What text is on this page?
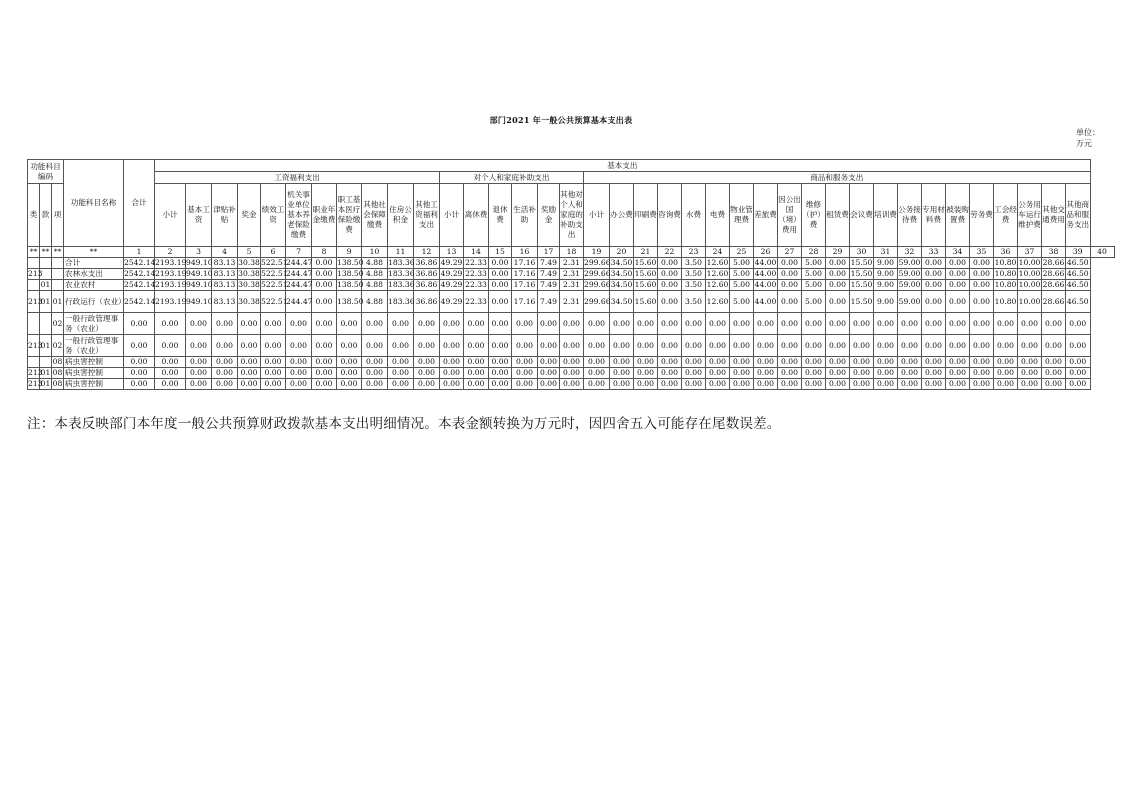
部门2021 年一般公共预算基本支出表
单位：万元
功能科目编码			功能科目名称	合计	基本支出																																						
					工资福利支出											对个人和家庭补助支出						商品和服务支出																					
类	款	项			小计	基本工资	津贴补贴	奖金	绩效工资	机关事业单位基本养老保险缴费	职业年金缴费	职工基本医疗保险缴费	其他社会保障缴费	住房公积金	其他工资福利支出	小计	离休费	退休费	生活补助	奖励金	其他对个人和家庭的补助支出	小计	办公费	印刷费	咨询费	水费	电费	物业管理费	差旅费	因公出国（境）费用	维修（护）费	租赁费	会议费	培训费	公务接待费	专用材料费	被装购置费	劳务费	工会经费	公务用车运行维护费	其他交通费用	其他商品和服务支出	
**	**	**	**	1	2	3	4	5	6	7	8	9	10	11	12	13	14	15	16	17	18	19	20	21	22	23	24	25	26	27	28	29	30	31	32	33	34	35	36	37	38	39	40
			合计	2542.14	2193.19	949.10	83.13	30.38	522.51	244.47	0.00	138.50	4.88	183.36	36.86	49.29	22.33	0.00	17.16	7.49	2.31	299.66	34.50	15.60	0.00	3.50	12.60	5.00	44.00	0.00	5.00	0.00	15.50	9.00	59.00	0.00	0.00	0.00	10.80	10.00	28.66	46.50	
213			农林水支出	2542.14	2193.19	949.10	83.13	30.38	522.51	244.47	0.00	138.50	4.88	183.36	36.86	49.29	22.33	0.00	17.16	7.49	2.31	299.66	34.50	15.60	0.00	3.50	12.60	5.00	44.00	0.00	5.00	0.00	15.50	9.00	59.00	0.00	0.00	0.00	10.80	10.00	28.66	46.50	
	01		农业农村	2542.14	2193.19	949.10	83.13	30.38	522.51	244.47	0.00	138.50	4.88	183.36	36.86	49.29	22.33	0.00	17.16	7.49	2.31	299.66	34.50	15.60	0.00	3.50	12.60	5.00	44.00	0.00	5.00	0.00	15.50	9.00	59.00	0.00	0.00	0.00	10.80	10.00	28.66	46.50	
213	01	01	行政运行（农业）	2542.14	2193.19	949.10	83.13	30.38	522.51	244.47	0.00	138.50	4.88	183.36	36.86	49.29	22.33	0.00	17.16	7.49	2.31	299.66	34.50	15.60	0.00	3.50	12.60	5.00	44.00	0.00	5.00	0.00	15.50	9.00	59.00	0.00	0.00	0.00	10.80	10.00	28.66	46.50	
		02	一般行政管理事务（农业）	0.00	0.00	0.00	0.00	0.00	0.00	0.00	0.00	0.00	0.00	0.00	0.00	0.00	0.00	0.00	0.00	0.00	0.00	0.00	0.00	0.00	0.00	0.00	0.00	0.00	0.00	0.00	0.00	0.00	0.00	0.00	0.00	0.00	0.00	0.00	0.00	0.00	0.00	0.00	
213	01	02	一般行政管理事务（农业）	0.00	0.00	0.00	0.00	0.00	0.00	0.00	0.00	0.00	0.00	0.00	0.00	0.00	0.00	0.00	0.00	0.00	0.00	0.00	0.00	0.00	0.00	0.00	0.00	0.00	0.00	0.00	0.00	0.00	0.00	0.00	0.00	0.00	0.00	0.00	0.00	0.00	0.00	0.00	
		08	病虫害控制	0.00	0.00	0.00	0.00	0.00	0.00	0.00	0.00	0.00	0.00	0.00	0.00	0.00	0.00	0.00	0.00	0.00	0.00	0.00	0.00	0.00	0.00	0.00	0.00	0.00	0.00	0.00	0.00	0.00	0.00	0.00	0.00	0.00	0.00	0.00	0.00	0.00	0.00	0.00	
213	01	08	病虫害控制	0.00	0.00	0.00	0.00	0.00	0.00	0.00	0.00	0.00	0.00	0.00	0.00	0.00	0.00	0.00	0.00	0.00	0.00	0.00	0.00	0.00	0.00	0.00	0.00	0.00	0.00	0.00	0.00	0.00	0.00	0.00	0.00	0.00	0.00	0.00	0.00	0.00	0.00	0.00	
213	01	08	病虫害控制	0.00	0.00	0.00	0.00	0.00	0.00	0.00	0.00	0.00	0.00	0.00	0.00	0.00	0.00	0.00	0.00	0.00	0.00	0.00	0.00	0.00	0.00	0.00	0.00	0.00	0.00	0.00	0.00	0.00	0.00	0.00	0.00	0.00	0.00	0.00	0.00	0.00	0.00	0.00	
注：本表反映部门本年度一般公共预算财政拨款基本支出明细情况。本表金额转换为万元时，因四舍五入可能存在尾数误差。
